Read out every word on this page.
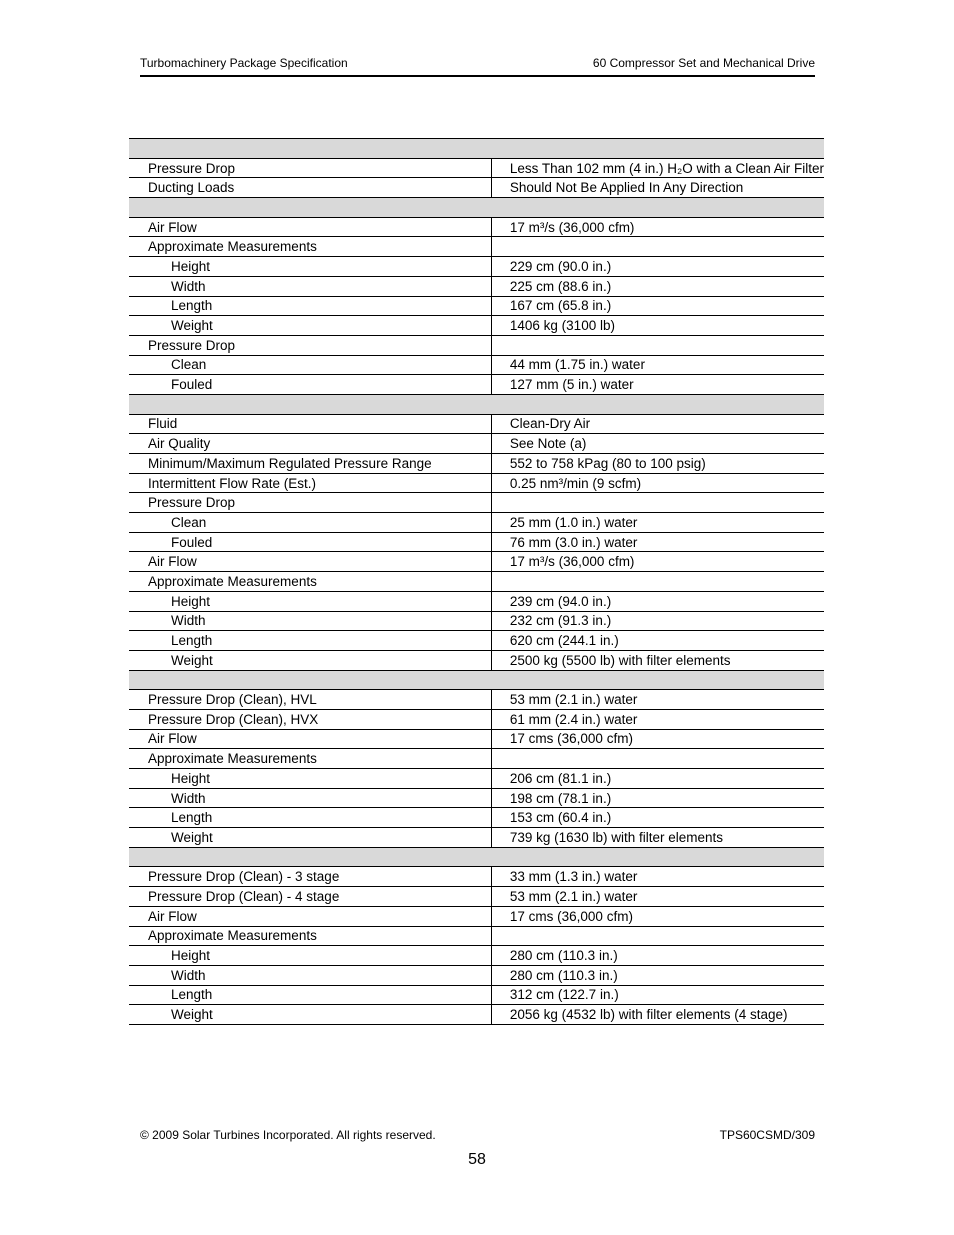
Turbomachinery Package Specification	60 Compressor Set and Mechanical Drive

Pressure Drop	Less Than 102 mm (4 in.) H₂O with a Clean Air Filter
Ducting Loads	Should Not Be Applied In Any Direction

Air Flow	17 m³/s (36,000 cfm)
Approximate Measurements	
Height	229 cm (90.0 in.)
Width	225 cm (88.6 in.)
Length	167 cm (65.8 in.)
Weight	1406 kg (3100 lb)
Pressure Drop	
Clean	44 mm (1.75 in.) water
Fouled	127 mm (5 in.) water

Fluid	Clean-Dry Air
Air Quality	See Note (a)
Minimum/Maximum Regulated Pressure Range	552 to 758 kPag (80 to 100 psig)
Intermittent Flow Rate (Est.)	0.25 nm³/min (9 scfm)
Pressure Drop	
Clean	25 mm (1.0 in.) water
Fouled	76 mm (3.0 in.) water
Air Flow	17 m³/s (36,000 cfm)
Approximate Measurements	
Height	239 cm (94.0 in.)
Width	232 cm (91.3 in.)
Length	620 cm (244.1 in.)
Weight	2500 kg (5500 lb) with filter elements

Pressure Drop (Clean), HVL	53 mm (2.1 in.) water
Pressure Drop (Clean), HVX	61 mm (2.4 in.) water
Air Flow	17 cms (36,000 cfm)
Approximate Measurements	
Height	206 cm (81.1 in.)
Width	198 cm (78.1 in.)
Length	153 cm (60.4 in.)
Weight	739 kg (1630 lb) with filter elements

Pressure Drop (Clean) - 3 stage	33 mm (1.3 in.) water
Pressure Drop (Clean) - 4 stage	53 mm (2.1 in.) water
Air Flow	17 cms (36,000 cfm)
Approximate Measurements	
Height	280 cm (110.3 in.)
Width	280 cm (110.3 in.)
Length	312 cm (122.7 in.)
Weight	2056 kg (4532 lb) with filter elements (4 stage)
© 2009 Solar Turbines Incorporated. All rights reserved.	TPS60CSMD/309
58
